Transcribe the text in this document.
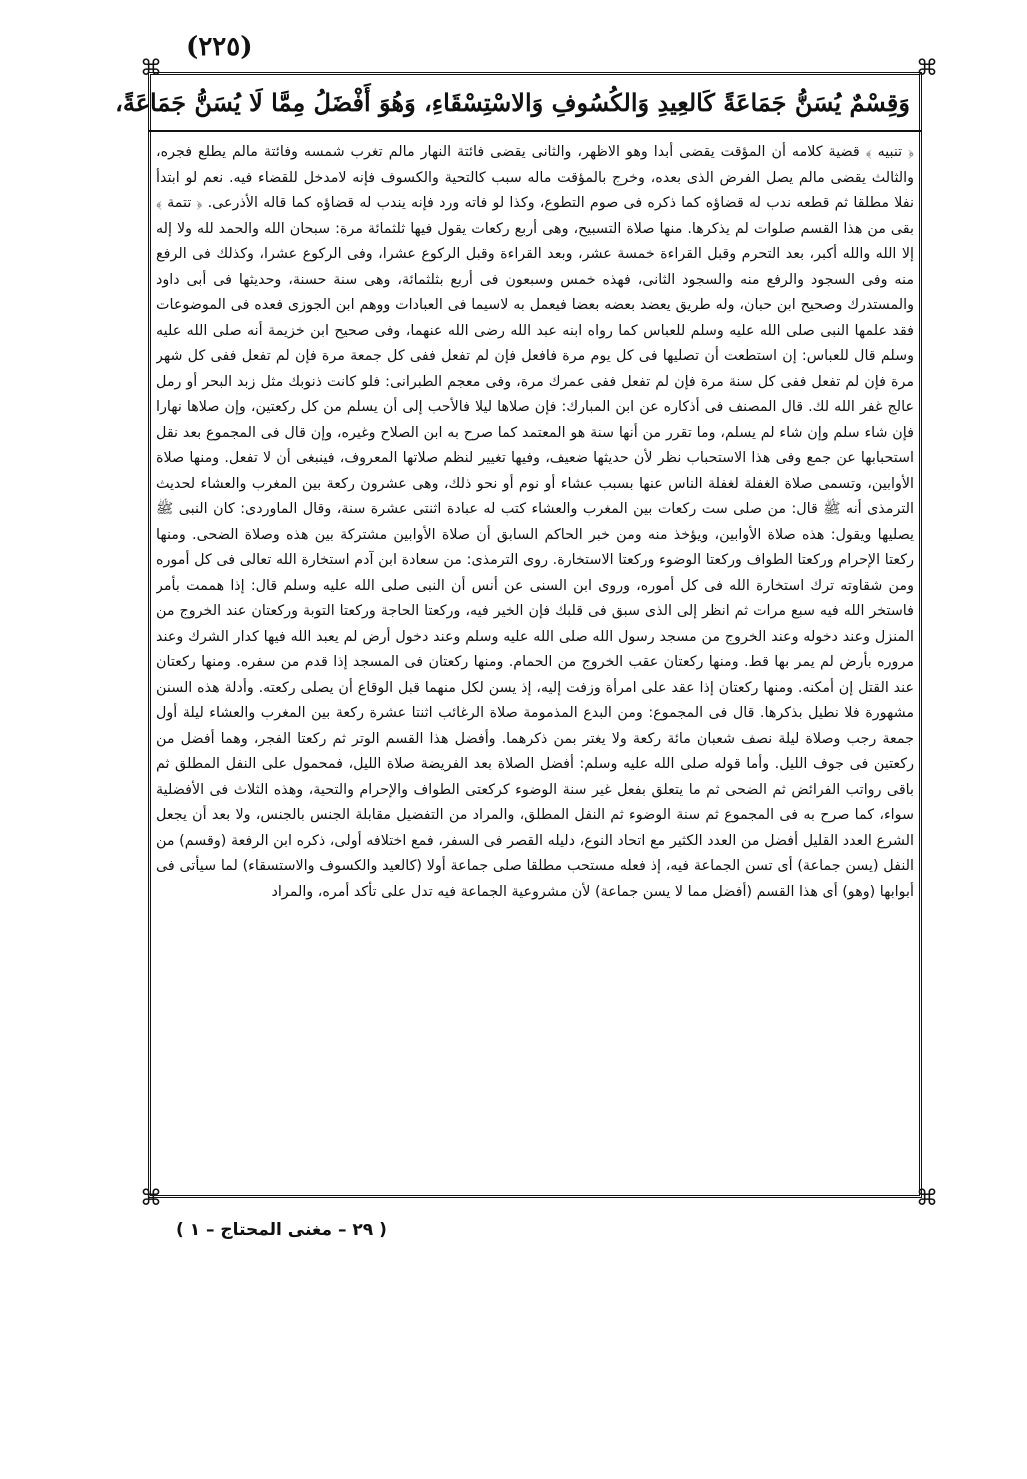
(٢٢٥)
⌘	⌘
⌘	⌘
وَقِسْمٌ يُسَنُّ جَمَاعَةً كَالعِيدِ وَالكُسُوفِ وَالاسْتِسْقَاءِ، وَهُوَ أَفْضَلُ مِمَّا لَا يُسَنُّ جَمَاعَةً،
﴿ تنبيه ﴾ قضية كلامه أن المؤقت يقضى أبدا وهو الاظهر، والثانى يقضى فائتة النهار مالم تغرب شمسه وفائتة مالم يطلع فجره، والثالث يقضى مالم يصل الفرض الذى بعده، وخرج بالمؤقت ماله سبب كالتحية والكسوف فإنه لامدخل للقضاء فيه. نعم لو ابتدأ نفلا مطلقا ثم قطعه ندب له قضاؤه كما ذكره فى صوم التطوع، وكذا لو فاته ورد فإنه يندب له قضاؤه كما قاله الأذرعى. ﴿ تتمة ﴾ بقى من هذا القسم صلوات لم يذكرها. منها صلاة التسبيح، وهى أربع ركعات يقول فيها ثلثمائة مرة: سبحان الله والحمد لله ولا إله إلا الله والله أكبر، بعد التحرم وقبل القراءة خمسة عشر، وبعد القراءة وقبل الركوع عشرا، وفى الركوع عشرا، وكذلك فى الرفع منه وفى السجود والرفع منه والسجود الثانى، فهذه خمس وسبعون فى أربع بثلثمائة، وهى سنة حسنة، وحديثها فى أبى داود والمستدرك وصحيح ابن حبان، وله طريق يعضد بعضه بعضا فيعمل به لاسيما فى العبادات ووهم ابن الجوزى فعده فى الموضوعات فقد علمها النبى صلى الله عليه وسلم للعباس كما رواه ابنه عبد الله رضى الله عنهما، وفى صحيح ابن خزيمة أنه صلى الله عليه وسلم قال للعباس: إن استطعت أن تصليها فى كل يوم مرة فافعل فإن لم تفعل ففى كل جمعة مرة فإن لم تفعل ففى كل شهر مرة فإن لم تفعل ففى كل سنة مرة فإن لم تفعل ففى عمرك مرة، وفى معجم الطبرانى: فلو كانت ذنوبك مثل زبد البحر أو رمل عالج غفر الله لك. قال المصنف فى أذكاره عن ابن المبارك: فإن صلاها ليلا فالأحب إلى أن يسلم من كل ركعتين، وإن صلاها نهارا فإن شاء سلم وإن شاء لم يسلم، وما تقرر من أنها سنة هو المعتمد كما صرح به ابن الصلاح وغيره، وإن قال فى المجموع بعد نقل استحبابها عن جمع وفى هذا الاستحباب نظر لأن حديثها ضعيف، وفيها تغيير لنظم صلاتها المعروف، فينبغى أن لا تفعل. ومنها صلاة الأوابين، وتسمى صلاة الغفلة لغفلة الناس عنها بسبب عشاء أو نوم أو نحو ذلك، وهى عشرون ركعة بين المغرب والعشاء لحديث الترمذى أنه ﷺ قال: من صلى ست ركعات بين المغرب والعشاء كتب له عبادة اثنتى عشرة سنة، وقال الماوردى: كان النبى ﷺ يصليها ويقول: هذه صلاة الأوابين، ويؤخذ منه ومن خبر الحاكم السابق أن صلاة الأوابين مشتركة بين هذه وصلاة الضحى. ومنها ركعتا الإحرام وركعتا الطواف وركعتا الوضوء وركعتا الاستخارة. روى الترمذى: من سعادة ابن آدم استخارة الله تعالى فى كل أموره ومن شقاوته ترك استخارة الله فى كل أموره، وروى ابن السنى عن أنس أن النبى صلى الله عليه وسلم قال: إذا هممت بأمر فاستخر الله فيه سبع مرات ثم انظر إلى الذى سبق فى قلبك فإن الخير فيه، وركعتا الحاجة وركعتا التوبة وركعتان عند الخروج من المنزل وعند دخوله وعند الخروج من مسجد رسول الله صلى الله عليه وسلم وعند دخول أرض لم يعبد الله فيها كدار الشرك وعند مروره بأرض لم يمر بها قط. ومنها ركعتان عقب الخروج من الحمام. ومنها ركعتان فى المسجد إذا قدم من سفره. ومنها ركعتان عند القتل إن أمكنه. ومنها ركعتان إذا عقد على امرأة وزفت إليه، إذ يسن لكل منهما قبل الوقاع أن يصلى ركعته. وأدلة هذه السنن مشهورة فلا نطيل بذكرها. قال فى المجموع: ومن البدع المذمومة صلاة الرغائب اثنتا عشرة ركعة بين المغرب والعشاء ليلة أول جمعة رجب وصلاة ليلة نصف شعبان مائة ركعة ولا يغتر بمن ذكرهما. وأفضل هذا القسم الوتر ثم ركعتا الفجر، وهما أفضل من ركعتين فى جوف الليل. وأما قوله صلى الله عليه وسلم: أفضل الصلاة بعد الفريضة صلاة الليل، فمحمول على النفل المطلق ثم باقى رواتب الفرائض ثم الضحى ثم ما يتعلق بفعل غير سنة الوضوء كركعتى الطواف والإحرام والتحية، وهذه الثلاث فى الأفضلية سواء، كما صرح به فى المجموع ثم سنة الوضوء ثم النفل المطلق، والمراد من التفضيل مقابلة الجنس بالجنس، ولا بعد أن يجعل الشرع العدد القليل أفضل من العدد الكثير مع اتحاد النوع، دليله القصر فى السفر، فمع اختلافه أولى، ذكره ابن الرفعة (وقسم) من النفل (يسن جماعة) أى تسن الجماعة فيه، إذ فعله مستحب مطلقا صلى جماعة أولا (كالعيد والكسوف والاستسقاء) لما سيأتى فى أبوابها (وهو) أى هذا القسم (أفضل مما لا يسن جماعة) لأن مشروعية الجماعة فيه تدل على تأكد أمره، والمراد
( ٢٩ – مغنى المحتاج – ١ )
